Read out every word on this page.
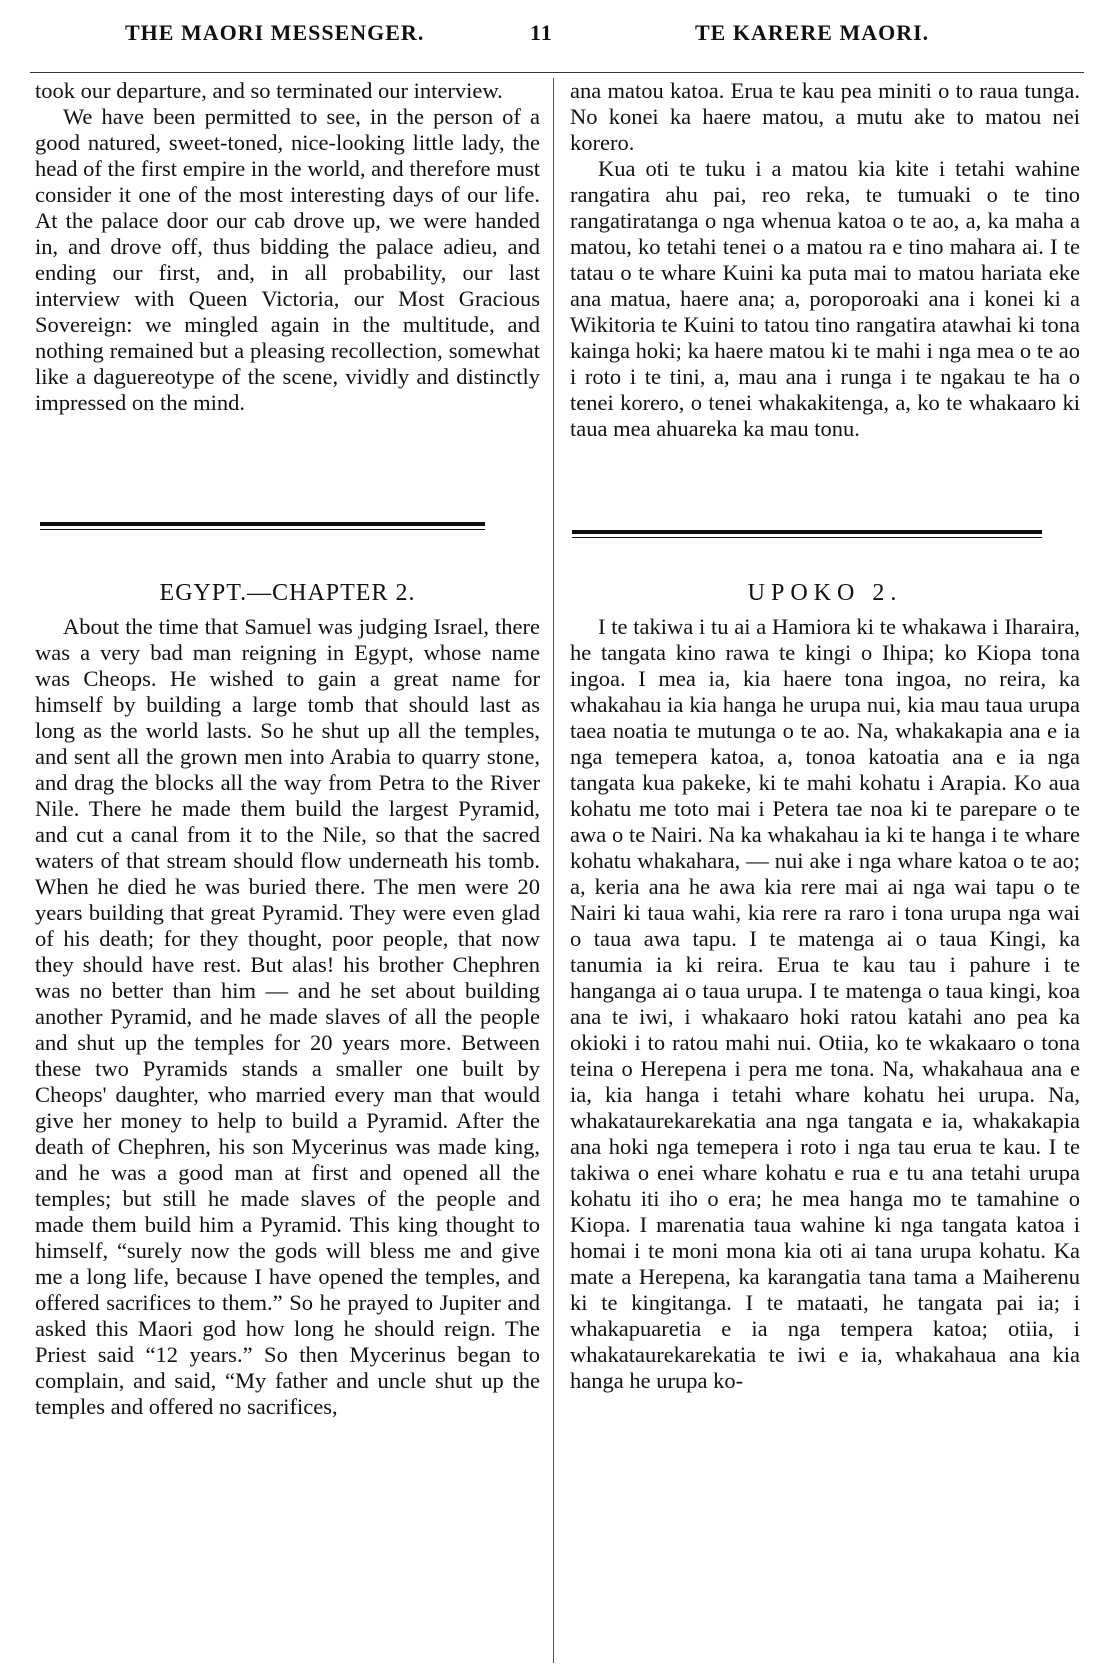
THE MAORI MESSENGER.	11	TE KARERE MAORI.

took our departure, and so terminated our interview.

We have been permitted to see, in the person of a good natured, sweet-toned, nice-looking little lady, the head of the first empire in the world, and therefore must consider it one of the most interesting days of our life. At the palace door our cab drove up, we were handed in, and drove off, thus bidding the palace adieu, and ending our first, and, in all probability, our last interview with Queen Victoria, our Most Gracious Sovereign: we mingled again in the multitude, and nothing remained but a pleasing recollection, somewhat like a daguereotype of the scene, vividly and distinctly impressed on the mind.

ana matou katoa. Erua te kau pea miniti o to raua tunga. No konei ka haere matou, a mutu ake to matou nei korero.

Kua oti te tuku i a matou kia kite i tetahi wahine rangatira ahu pai, reo reka, te tumuaki o te tino rangatiratanga o nga whenua katoa o te ao, a, ka maha a matou, ko tetahi tenei o a matou ra e tino mahara ai. I te tatau o te whare Kuini ka puta mai to matou hariata eke ana matua, haere ana; a, poroporoaki ana i konei ki a Wikitoria te Kuini to tatou tino rangatira atawhai ki tona kainga hoki; ka haere matou ki te mahi i nga mea o te ao i roto i te tini, a, mau ana i runga i te ngakau te ha o tenei korero, o tenei whakakitenga, a, ko te whakaaro ki taua mea ahuareka ka mau tonu.

EGYPT.—CHAPTER 2.

About the time that Samuel was judging Israel, there was a very bad man reigning in Egypt, whose name was Cheops. He wished to gain a great name for himself by building a large tomb that should last as long as the world lasts. So he shut up all the temples, and sent all the grown men into Arabia to quarry stone, and drag the blocks all the way from Petra to the River Nile. There he made them build the largest Pyramid, and cut a canal from it to the Nile, so that the sacred waters of that stream should flow underneath his tomb. When he died he was buried there. The men were 20 years building that great Pyramid. They were even glad of his death; for they thought, poor people, that now they should have rest. But alas! his brother Chephren was no better than him — and he set about building another Pyramid, and he made slaves of all the people and shut up the temples for 20 years more. Between these two Pyramids stands a smaller one built by Cheops' daughter, who married every man that would give her money to help to build a Pyramid. After the death of Chephren, his son Mycerinus was made king, and he was a good man at first and opened all the temples; but still he made slaves of the people and made them build him a Pyramid. This king thought to himself, “surely now the gods will bless me and give me a long life, because I have opened the temples, and offered sacrifices to them.” So he prayed to Jupiter and asked this Maori god how long he should reign. The Priest said “12 years.” So then Mycerinus began to complain, and said, “My father and uncle shut up the temples and offered no sacrifices,

UPOKO 2.

I te takiwa i tu ai a Hamiora ki te whakawa i Iharaira, he tangata kino rawa te kingi o Ihipa; ko Kiopa tona ingoa. I mea ia, kia haere tona ingoa, no reira, ka whakahau ia kia hanga he urupa nui, kia mau taua urupa taea noatia te mutunga o te ao. Na, whakakapia ana e ia nga temepera katoa, a, tonoa katoatia ana e ia nga tangata kua pakeke, ki te mahi kohatu i Arapia. Ko aua kohatu me toto mai i Petera tae noa ki te parepare o te awa o te Nairi. Na ka whakahau ia ki te hanga i te whare kohatu whakahara, — nui ake i nga whare katoa o te ao; a, keria ana he awa kia rere mai ai nga wai tapu o te Nairi ki taua wahi, kia rere ra raro i tona urupa nga wai o taua awa tapu. I te matenga ai o taua Kingi, ka tanumia ia ki reira. Erua te kau tau i pahure i te hanganga ai o taua urupa. I te matenga o taua kingi, koa ana te iwi, i whakaaro hoki ratou katahi ano pea ka okioki i to ratou mahi nui. Otiia, ko te wkakaaro o tona teina o Herepena i pera me tona. Na, whakahaua ana e ia, kia hanga i tetahi whare kohatu hei urupa. Na, whakataurekarekatia ana nga tangata e ia, whakakapia ana hoki nga temepera i roto i nga tau erua te kau. I te takiwa o enei whare kohatu e rua e tu ana tetahi urupa kohatu iti iho o era; he mea hanga mo te tamahine o Kiopa. I marenatia taua wahine ki nga tangata katoa i homai i te moni mona kia oti ai tana urupa kohatu. Ka mate a Herepena, ka karangatia tana tama a Maiherenu ki te kingitanga. I te mataati, he tangata pai ia; i whakapuaretia e ia nga tempera katoa; otiia, i whakataurekarekatia te iwi e ia, whakahaua ana kia hanga he urupa ko-
